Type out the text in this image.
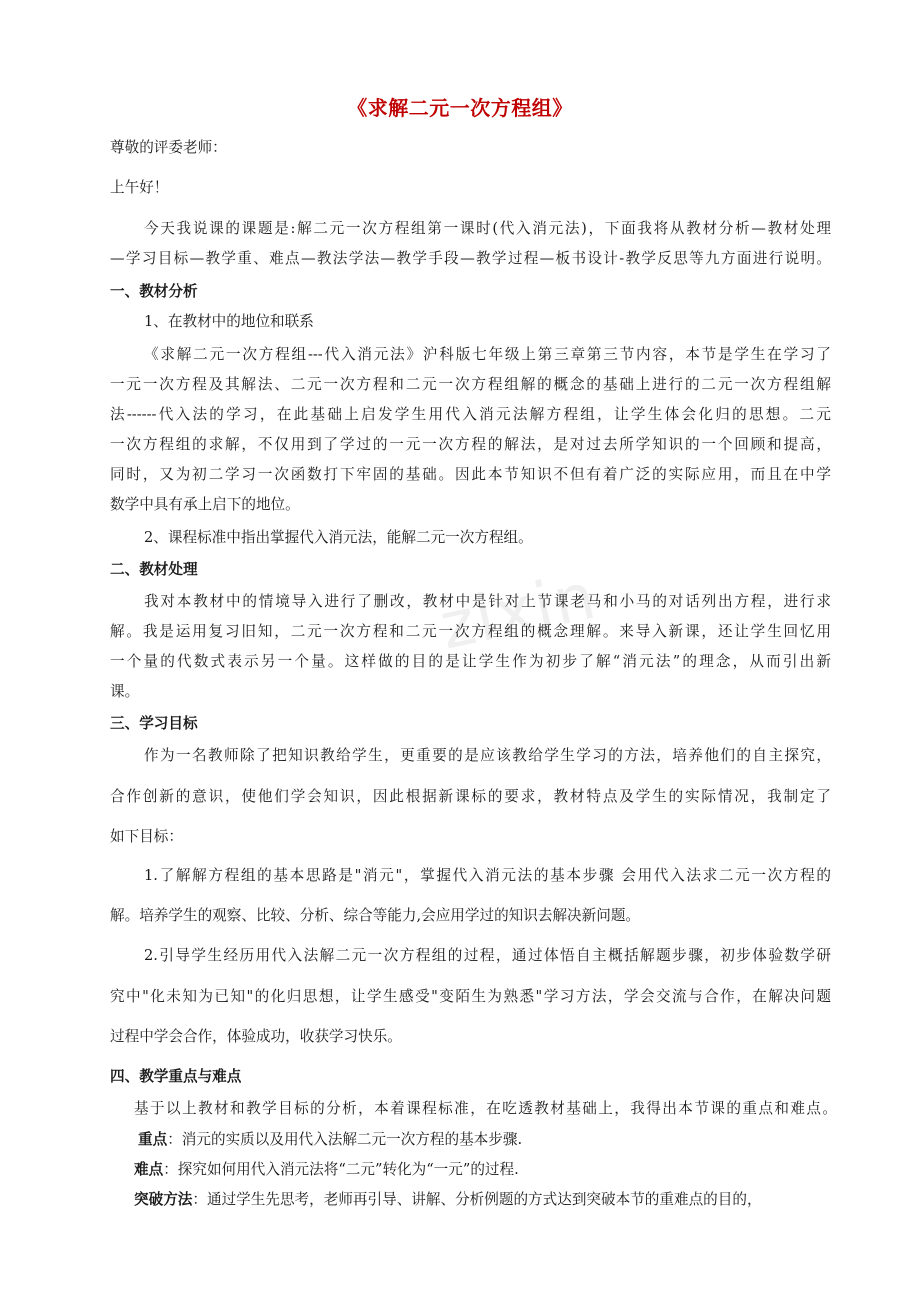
zixin
《求解二元一次方程组》
尊敬的评委老师：
上午好！
今天我说课的课题是:解二元一次方程组第一课时(代入消元法)，下面我将从教材分析—教材处理
—学习目标—教学重、难点—教法学法—教学手段—教学过程—板书设计-教学反思等九方面进行说明。
一、教材分析
1、在教材中的地位和联系
《求解二元一次方程组---代入消元法》沪科版七年级上第三章第三节内容，本节是学生在学习了
一元一次方程及其解法、二元一次方程和二元一次方程组解的概念的基础上进行的二元一次方程组解
法------代入法的学习，在此基础上启发学生用代入消元法解方程组，让学生体会化归的思想。二元
一次方程组的求解，不仅用到了学过的一元一次方程的解法，是对过去所学知识的一个回顾和提高，
同时，又为初二学习一次函数打下牢固的基础。因此本节知识不但有着广泛的实际应用，而且在中学
数学中具有承上启下的地位。
2、课程标准中指出掌握代入消元法，能解二元一次方程组。
二、教材处理
我对本教材中的情境导入进行了删改，教材中是针对上节课老马和小马的对话列出方程，进行求
解。我是运用复习旧知，二元一次方程和二元一次方程组的概念理解。来导入新课，还让学生回忆用
一个量的代数式表示另一个量。这样做的目的是让学生作为初步了解“消元法”的理念，从而引出新
课。
三、学习目标
作为一名教师除了把知识教给学生，更重要的是应该教给学生学习的方法，培养他们的自主探究，
合作创新的意识，使他们学会知识，因此根据新课标的要求，教材特点及学生的实际情况，我制定了
如下目标：
1.了解解方程组的基本思路是"消元"，掌握代入消元法的基本步骤 会用代入法求二元一次方程的
解。培养学生的观察、比较、分析、综合等能力,会应用学过的知识去解决新问题。
2.引导学生经历用代入法解二元一次方程组的过程，通过体悟自主概括解题步骤，初步体验数学研
究中"化未知为已知"的化归思想，让学生感受"变陌生为熟悉"学习方法，学会交流与合作，在解决问题
过程中学会合作，体验成功，收获学习快乐。
四、教学重点与难点
基于以上教材和教学目标的分析，本着课程标准，在吃透教材基础上，我得出本节课的重点和难点。
重点：消元的实质以及用代入法解二元一次方程的基本步骤.
难点：探究如何用代入消元法将“二元”转化为“一元”的过程.
突破方法：通过学生先思考，老师再引导、讲解、分析例题的方式达到突破本节的重难点的目的，
